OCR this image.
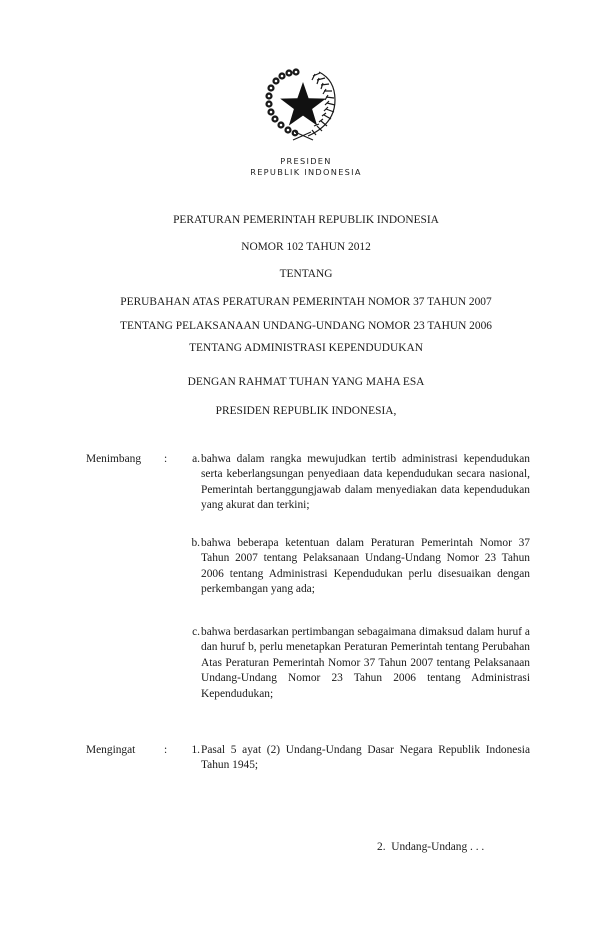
PRESIDEN
REPUBLIK INDONESIA
PERATURAN PEMERINTAH REPUBLIK INDONESIA
NOMOR 102 TAHUN 2012
TENTANG
PERUBAHAN ATAS PERATURAN PEMERINTAH NOMOR 37 TAHUN 2007
TENTANG PELAKSANAAN UNDANG-UNDANG NOMOR 23 TAHUN 2006
TENTANG ADMINISTRASI KEPENDUDUKAN
DENGAN RAHMAT TUHAN YANG MAHA ESA
PRESIDEN REPUBLIK INDONESIA,
Menimbang :	a. bahwa dalam rangka mewujudkan tertib administrasi kependudukan serta keberlangsungan penyediaan data kependudukan secara nasional, Pemerintah bertanggungjawab dalam menyediakan data kependudukan yang akurat dan terkini;
b. bahwa beberapa ketentuan dalam Peraturan Pemerintah Nomor 37 Tahun 2007 tentang Pelaksanaan Undang-Undang Nomor 23 Tahun 2006 tentang Administrasi Kependudukan perlu disesuaikan dengan perkembangan yang ada;
c. bahwa berdasarkan pertimbangan sebagaimana dimaksud dalam huruf a dan huruf b, perlu menetapkan Peraturan Pemerintah tentang Perubahan Atas Peraturan Pemerintah Nomor 37 Tahun 2007 tentang Pelaksanaan Undang-Undang Nomor 23 Tahun 2006 tentang Administrasi Kependudukan;
Mengingat	:	1. Pasal 5 ayat (2) Undang-Undang Dasar Negara Republik Indonesia Tahun 1945;
2.  Undang-Undang . . .
